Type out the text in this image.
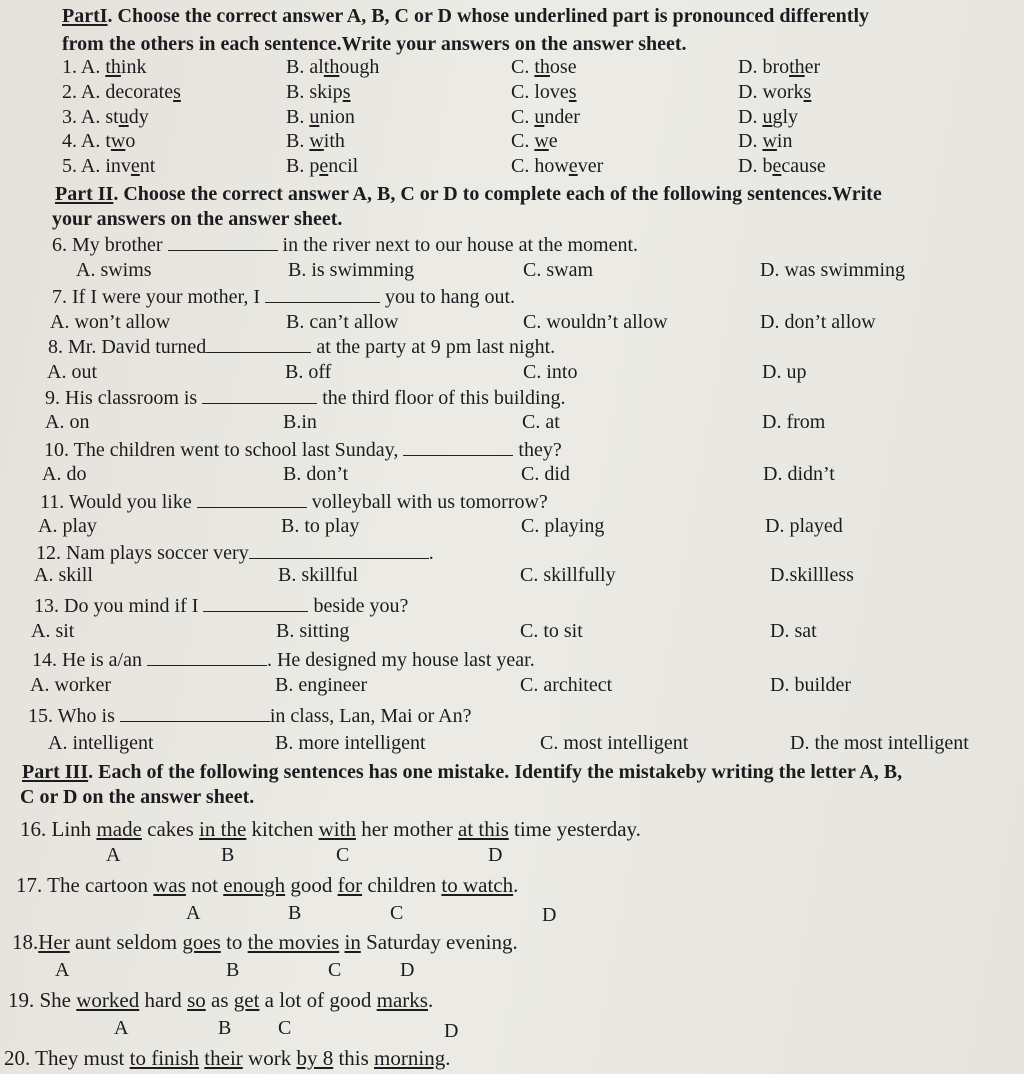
PartI. Choose the correct answer A, B, C or D whose underlined part is pronounced differently
from the others in each sentence.Write your answers on the answer sheet.
1. A. think	B. although	C. those	D. brother
2. A. decorates	B. skips	C. loves	D. works
3. A. study	B. union	C. under	D. ugly
4. A. two	B. with	C. we	D. win
5. A. invent	B. pencil	C. however	D. because
Part II. Choose the correct answer A, B, C or D to complete each of the following sentences.Write
your answers on the answer sheet.
6. My brother	in the river next to our house at the moment.
A. swims	B. is swimming	C. swam	D. was swimming
7. If I were your mother, I	you to hang out.
A. won’t allow	B. can’t allow	C. wouldn’t allow	D. don’t allow
8. Mr. David turned	at the party at 9 pm last night.
A. out	B. off	C. into	D. up
9. His classroom is	the third floor of this building.
A. on	B.in	C. at	D. from
10. The children went to school last Sunday,	they?
A. do	B. don’t	C. did	D. didn’t
11. Would you like	volleyball with us tomorrow?
A. play	B. to play	C. playing	D. played
12. Nam plays soccer very	.
A. skill	B. skillful	C. skillfully	D.skillless
13. Do you mind if I	beside you?
A. sit	B. sitting	C. to sit	D. sat
14. He is a/an	. He designed my house last year.
A. worker	B. engineer	C. architect	D. builder
15. Who is	in class, Lan, Mai or An?
A. intelligent	B. more intelligent	C. most intelligent	D. the most intelligent
Part III. Each of the following sentences has one mistake. Identify the mistakeby writing the letter A, B,
C or D on the answer sheet.
16. Linh made cakes in the kitchen with her mother at this time yesterday.
A	B	C	D
17. The cartoon was not enough good for children to watch.
A	B	C	D
18.Her aunt seldom goes to the movies in Saturday evening.
A	B	C	D
19. She worked hard so as get a lot of good marks.
A	B C	D
20. They must to finish their work by 8 this morning.
